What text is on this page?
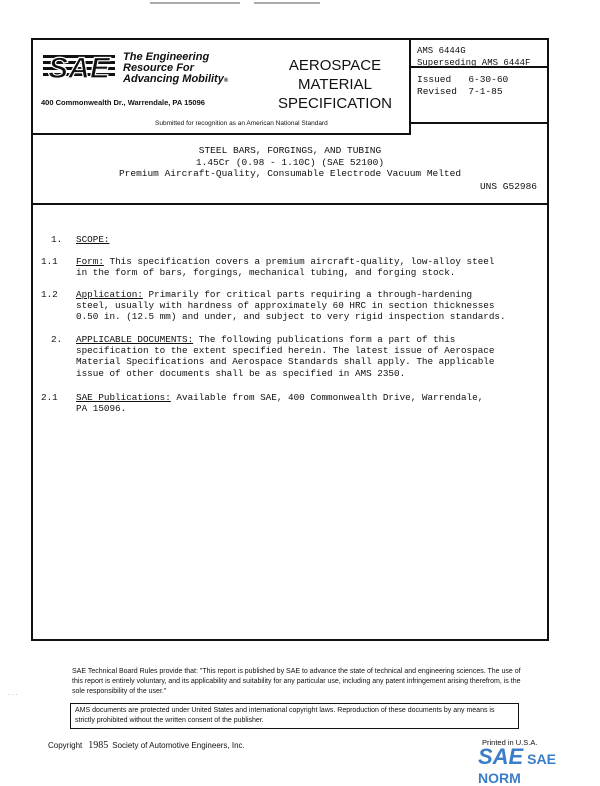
SAE The Engineering
Resource For
Advancing Mobility®
400 Commonwealth Dr., Warrendale, PA 15096
AEROSPACE
MATERIAL
SPECIFICATION
Submitted for recognition as an American National Standard
AMS 6444G
Superseding AMS 6444F
Issued 6-30-60
Revised 7-1-85
STEEL BARS, FORGINGS, AND TUBING
1.45Cr (0.98 - 1.10C) (SAE 52100)
Premium Aircraft-Quality, Consumable Electrode Vacuum Melted
UNS G52986
1. SCOPE:
1.1 Form: This specification covers a premium aircraft-quality, low-alloy steel
in the form of bars, forgings, mechanical tubing, and forging stock.
1.2 Application: Primarily for critical parts requiring a through-hardening
steel, usually with hardness of approximately 60 HRC in section thicknesses
0.50 in. (12.5 mm) and under, and subject to very rigid inspection standards.
2. APPLICABLE DOCUMENTS: The following publications form a part of this
specification to the extent specified herein. The latest issue of Aerospace
Material Specifications and Aerospace Standards shall apply. The applicable
issue of other documents shall be as specified in AMS 2350.
2.1 SAE Publications: Available from SAE, 400 Commonwealth Drive, Warrendale,
PA 15096.
· · ·
SAE Technical Board Rules provide that: "This report is published by SAE to advance the state of technical and engineering sciences. The use of this report is entirely voluntary, and its applicability and suitability for any particular use, including any patent infringement arising therefrom, is the sole responsibility of the user."
AMS documents are protected under United States and international copyright laws. Reproduction of these documents by any means is strictly prohibited without the written consent of the publisher.
Copyright 1985 Society of Automotive Engineers, Inc.	Printed in U.S.A.
SAE SAE NORM
